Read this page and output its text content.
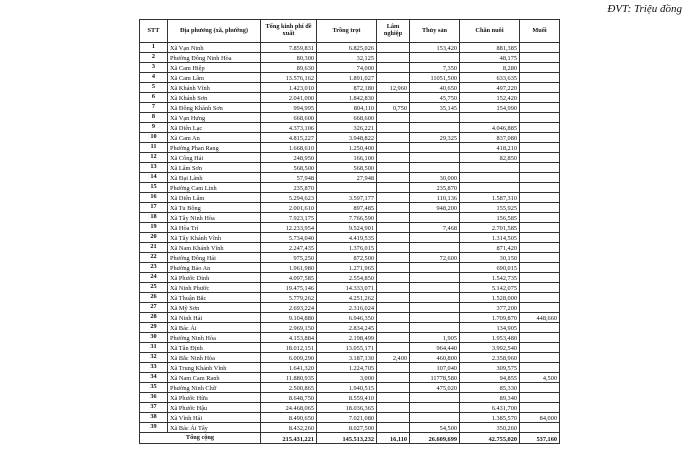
ĐVT: Triệu đồng
STT	Địa phương (xã, phường)	Tổng kinh phí đề xuất	Trồng trọt	Lâm nghiệp	Thủy sản	Chăn nuôi	Muối
1	Xã Vạn Ninh	7.859,831	6.825,026		153,420	881,385	
2	Phường Đông Ninh Hòa	80,300	32,125			48,175	
3	Xã Cam Hiệp	89,630	74,000		7,350	8,280	
4	Xã Cam Lâm	13.576,162	1.891,027		11051,500	633,635	
5	Xã Khánh Vĩnh	1.423,010	872,180	12,960	40,650	497,220	
6	Xã Khánh Sơn	2.041,000	1.842,830		45,750	152,420	
7	Xã Đông Khánh Sơn	994,995	804,110	0,750	35,145	154,990	
8	Xã Vạn Hưng	668,600	668,600				
9	Xã Diên Lạc	4.373,106	326,221			4.046,885	
10	Xã Cam An	4.815,227	3.948,822		29,325	837,080	
11	Phường Phan Rang	1.668,610	1.250,400			418,210	
12	Xã Công Hải	248,950	166,100			82,850	
13	Xã Lâm Sơn	568,500	568,500				
14	Xã Đại Lãnh	57,948	27,948		30,000		
15	Phường Cam Linh	235,870			235,870		
16	Xã Diên Lâm	5.294,623	3.597,177		110,136	1.587,310	
17	Xã Tu Bông	2.001,610	897,485		948,200	155,925	
18	Xã Tây Ninh Hòa	7.923,175	7.766,590			156,585	
19	Xã Hòa Trí	12.233,954	9.524,901		7,468	2.701,585	
20	Xã Tây Khánh Vĩnh	5.734,040	4.419,535			1.314,505	
21	Xã Nam Khánh Vĩnh	2.247,435	1.376,015			871,420	
22	Phường Đông Hải	975,250	872,500		72,600	30,150	
23	Phường Bảo An	1.961,980	1.271,965			690,015	
24	Xã Phước Dinh	4.097,585	2.554,850			1.542,735	
25	Xã Ninh Phước	19.475,146	14.333,071			5.142,075	
26	Xã Thuận Bắc	5.779,262	4.251,262			1.528,000	
27	Xã Mỹ Sơn	2.693,224	2.316,024			377,200	
28	Xã Ninh Hải	9.104,880	6.946,350			1.709,870	448,660
29	Xã Bác Ái	2.969,150	2.834,245			134,905	
30	Phường Ninh Hòa	4.153,884	2.198,499		1,905	1.953,480	
31	Xã Tân Định	18.012,151	13.055,171		964,440	3.992,540	
32	Xã Bắc Ninh Hòa	6.009,290	3.187,130	2,400	460,800	2.358,960	
33	Xã Trung Khánh Vĩnh	1.641,320	1.224,705		107,040	309,575	
34	Xã Nam Cam Ranh	11.880,935	3,000		11778,580	94,855	4,500
35	Phường Ninh Chữ	2.500,865	1.940,515		475,020	85,330	
36	Xã Phước Hữu	8.648,750	8.559,410			89,340	
37	Xã Phước Hậu	24.468,065	18.036,365			6.431,700	
38	Xã Vĩnh Hải	8.490,650	7.021,080			1.385,570	84,000
39	Xã Bác Ái Tây	8.432,260	8.027,500		54,500	350,260	
Tổng cộng		215.431,221	145.513,232	16,110	26.609,699	42.755,020	537,160
